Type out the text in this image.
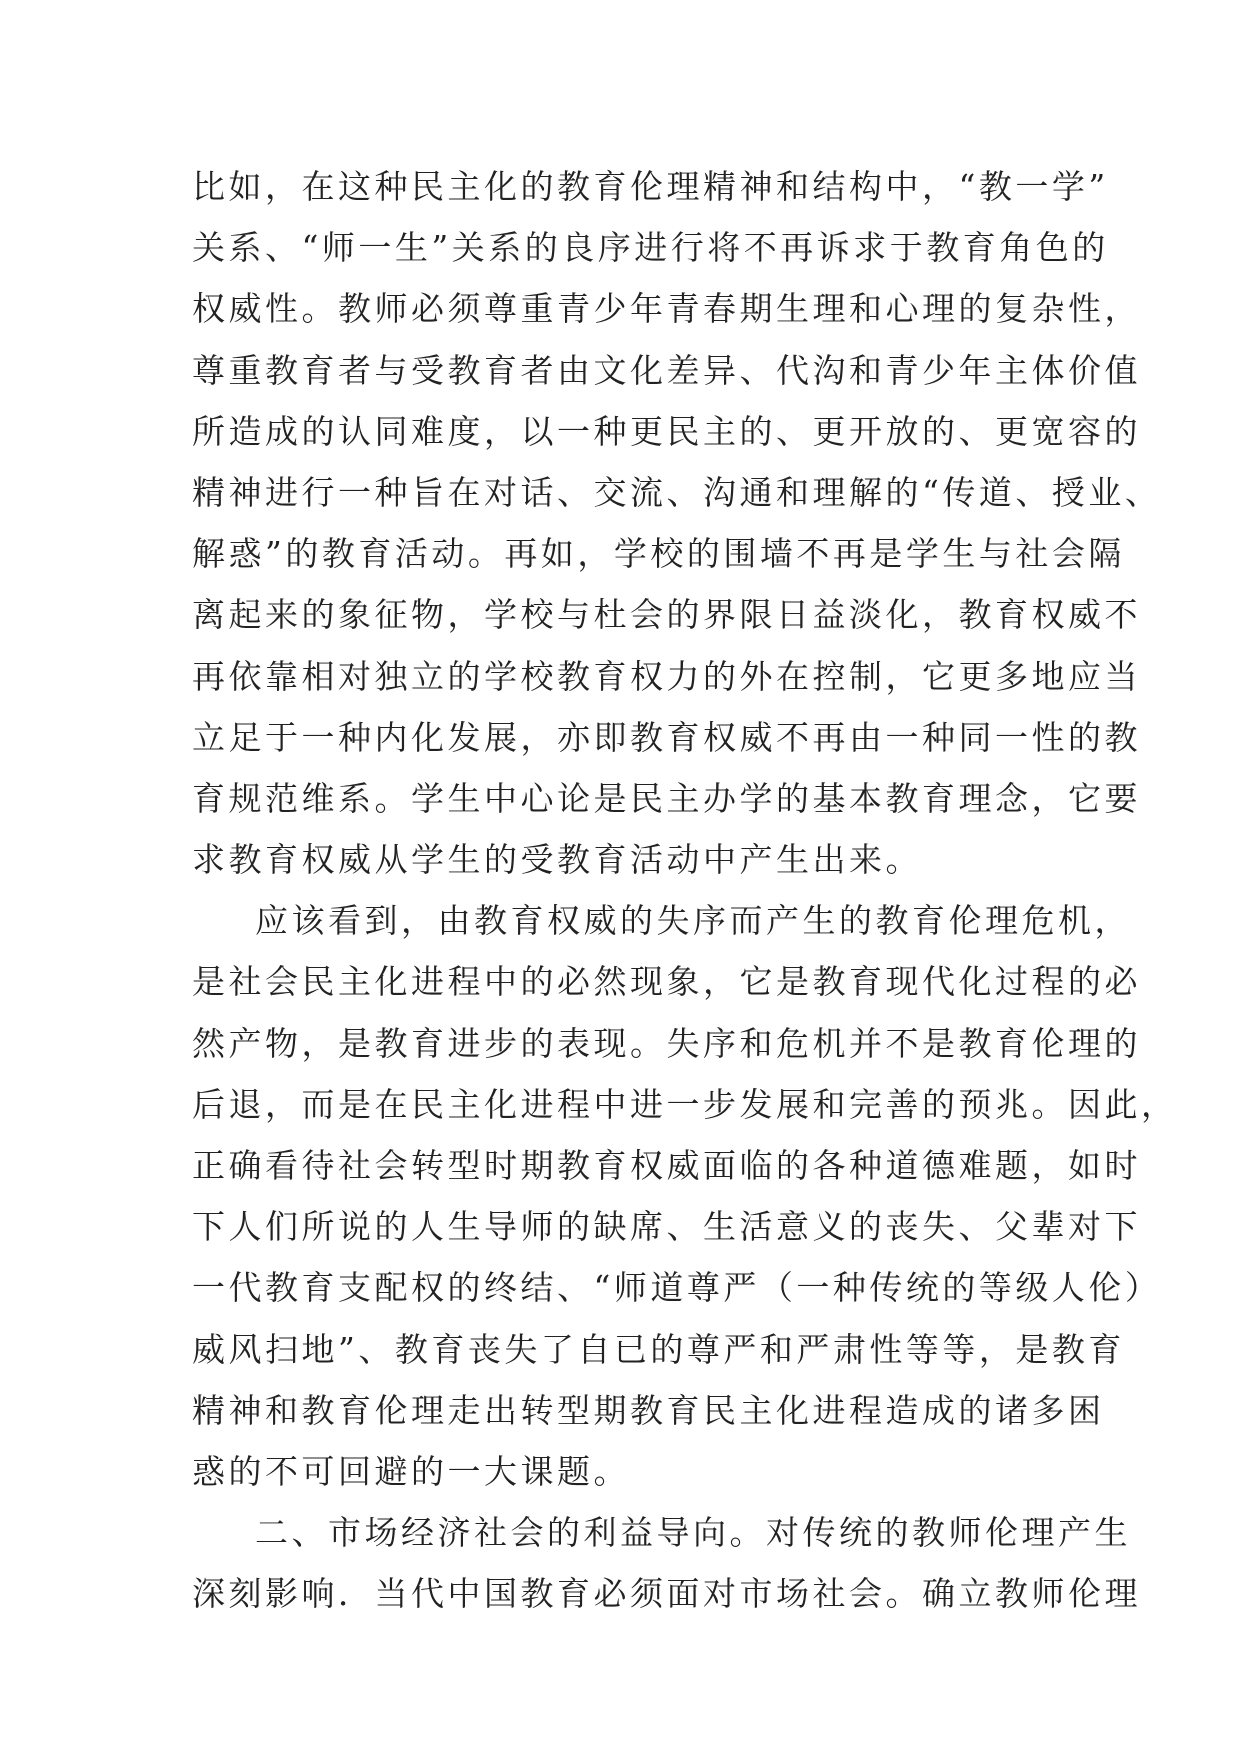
比如，在这种民主化的教育伦理精神和结构中，“教一学”
关系、“师一生”关系的良序进行将不再诉求于教育角色的
权威性。教师必须尊重青少年青春期生理和心理的复杂性，
尊重教育者与受教育者由文化差异、代沟和青少年主体价值
所造成的认同难度，以一种更民主的、更开放的、更宽容的
精神进行一种旨在对话、交流、沟通和理解的“传道、授业、
解惑”的教育活动。再如，学校的围墙不再是学生与社会隔
离起来的象征物，学校与杜会的界限日益淡化，教育权威不
再依靠相对独立的学校教育权力的外在控制，它更多地应当
立足于一种内化发展，亦即教育权威不再由一种同一性的教
育规范维系。学生中心论是民主办学的基本教育理念，它要
求教育权威从学生的受教育活动中产生出来。
应该看到，由教育权威的失序而产生的教育伦理危机，
是社会民主化进程中的必然现象，它是教育现代化过程的必
然产物，是教育进步的表现。失序和危机并不是教育伦理的
后退，而是在民主化进程中进一步发展和完善的预兆。因此，
正确看待社会转型时期教育权威面临的各种道德难题，如时
下人们所说的人生导师的缺席、生活意义的丧失、父辈对下
一代教育支配权的终结、“师道尊严（一种传统的等级人伦）
威风扫地”、教育丧失了自已的尊严和严肃性等等，是教育
精神和教育伦理走出转型期教育民主化进程造成的诸多困
惑的不可回避的一大课题。
二、市场经济社会的利益导向。对传统的教师伦理产生
深刻影响．当代中国教育必须面对市场社会。确立教师伦理
